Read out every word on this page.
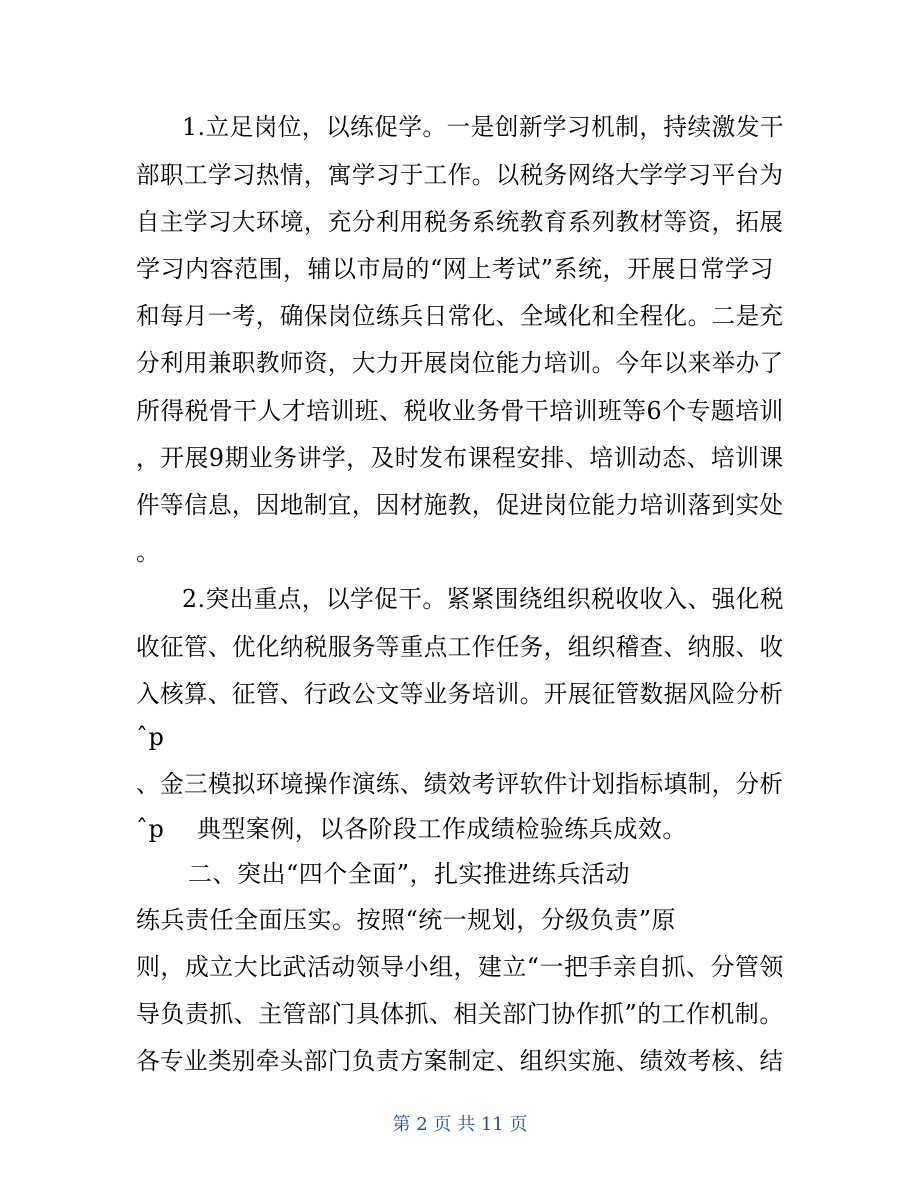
1.立足岗位，以练促学。一是创新学习机制，持续激发干
部职工学习热情，寓学习于工作。以税务网络大学学习平台为
自主学习大环境，充分利用税务系统教育系列教材等资，拓展
学习内容范围，辅以市局的“网上考试”系统，开展日常学习
和每月一考，确保岗位练兵日常化、全域化和全程化。二是充
分利用兼职教师资，大力开展岗位能力培训。今年以来举办了
所得税骨干人才培训班、税收业务骨干培训班等6个专题培训
，开展9期业务讲学，及时发布课程安排、培训动态、培训课
件等信息，因地制宜，因材施教，促进岗位能力培训落到实处
。
2.突出重点，以学促干。紧紧围绕组织税收收入、强化税
收征管、优化纳税服务等重点工作任务，组织稽查、纳服、收
入核算、征管、行政公文等业务培训。开展征管数据风险分析
ˆp
、金三模拟环境操作演练、绩效考评软件计划指标填制，分析
ˆp    典型案例，以各阶段工作成绩检验练兵成效。
二、突出“四个全面”，扎实推进练兵活动
练兵责任全面压实。按照“统一规划，分级负责”原
则，成立大比武活动领导小组，建立“一把手亲自抓、分管领
导负责抓、主管部门具体抓、相关部门协作抓”的工作机制。
各专业类别牵头部门负责方案制定、组织实施、绩效考核、结
第 2 页 共 11 页
